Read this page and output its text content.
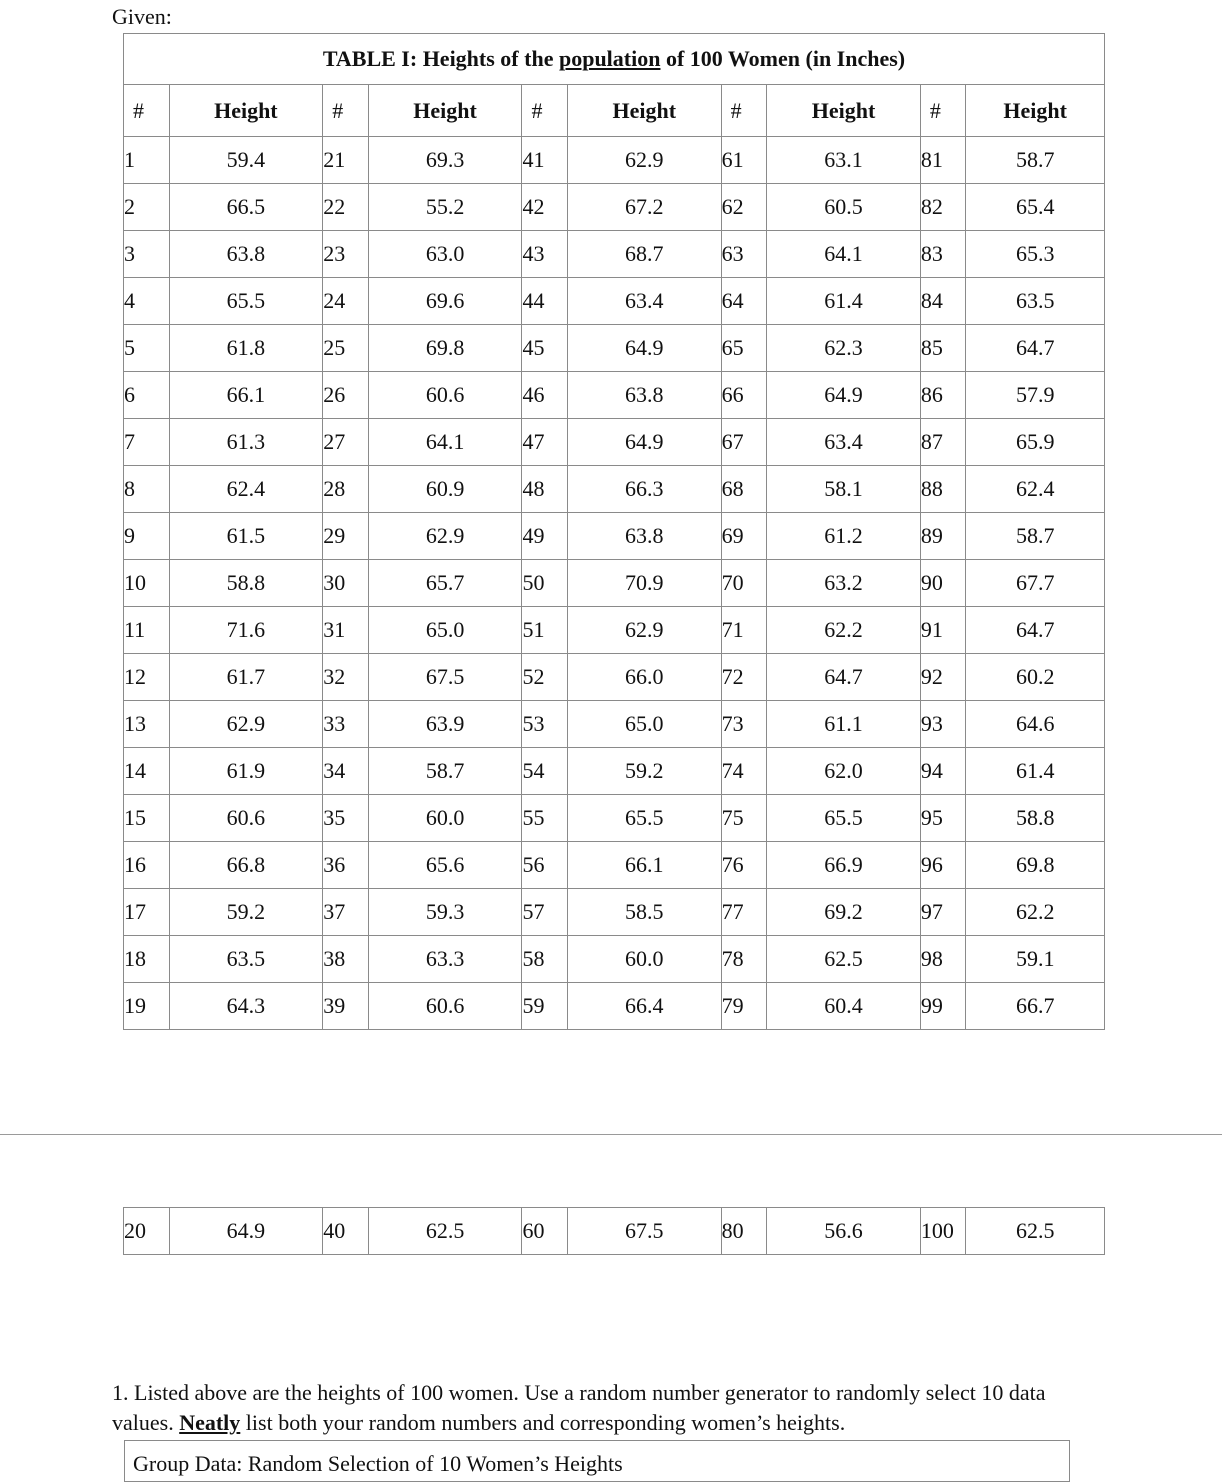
Given:
TABLE I: Heights of the population of 100 Women (in Inches)									
#	Height	#	Height	#	Height	#	Height	#	Height
1	59.4	21	69.3	41	62.9	61	63.1	81	58.7
2	66.5	22	55.2	42	67.2	62	60.5	82	65.4
3	63.8	23	63.0	43	68.7	63	64.1	83	65.3
4	65.5	24	69.6	44	63.4	64	61.4	84	63.5
5	61.8	25	69.8	45	64.9	65	62.3	85	64.7
6	66.1	26	60.6	46	63.8	66	64.9	86	57.9
7	61.3	27	64.1	47	64.9	67	63.4	87	65.9
8	62.4	28	60.9	48	66.3	68	58.1	88	62.4
9	61.5	29	62.9	49	63.8	69	61.2	89	58.7
10	58.8	30	65.7	50	70.9	70	63.2	90	67.7
11	71.6	31	65.0	51	62.9	71	62.2	91	64.7
12	61.7	32	67.5	52	66.0	72	64.7	92	60.2
13	62.9	33	63.9	53	65.0	73	61.1	93	64.6
14	61.9	34	58.7	54	59.2	74	62.0	94	61.4
15	60.6	35	60.0	55	65.5	75	65.5	95	58.8
16	66.8	36	65.6	56	66.1	76	66.9	96	69.8
17	59.2	37	59.3	57	58.5	77	69.2	97	62.2
18	63.5	38	63.3	58	60.0	78	62.5	98	59.1
19	64.3	39	60.6	59	66.4	79	60.4	99	66.7
20	64.9	40	62.5	60	67.5	80	56.6	100	62.5
1. Listed above are the heights of 100 women. Use a random number generator to randomly select 10 data values. Neatly list both your random numbers and corresponding women’s heights.
Group Data: Random Selection of 10 Women’s Heights
